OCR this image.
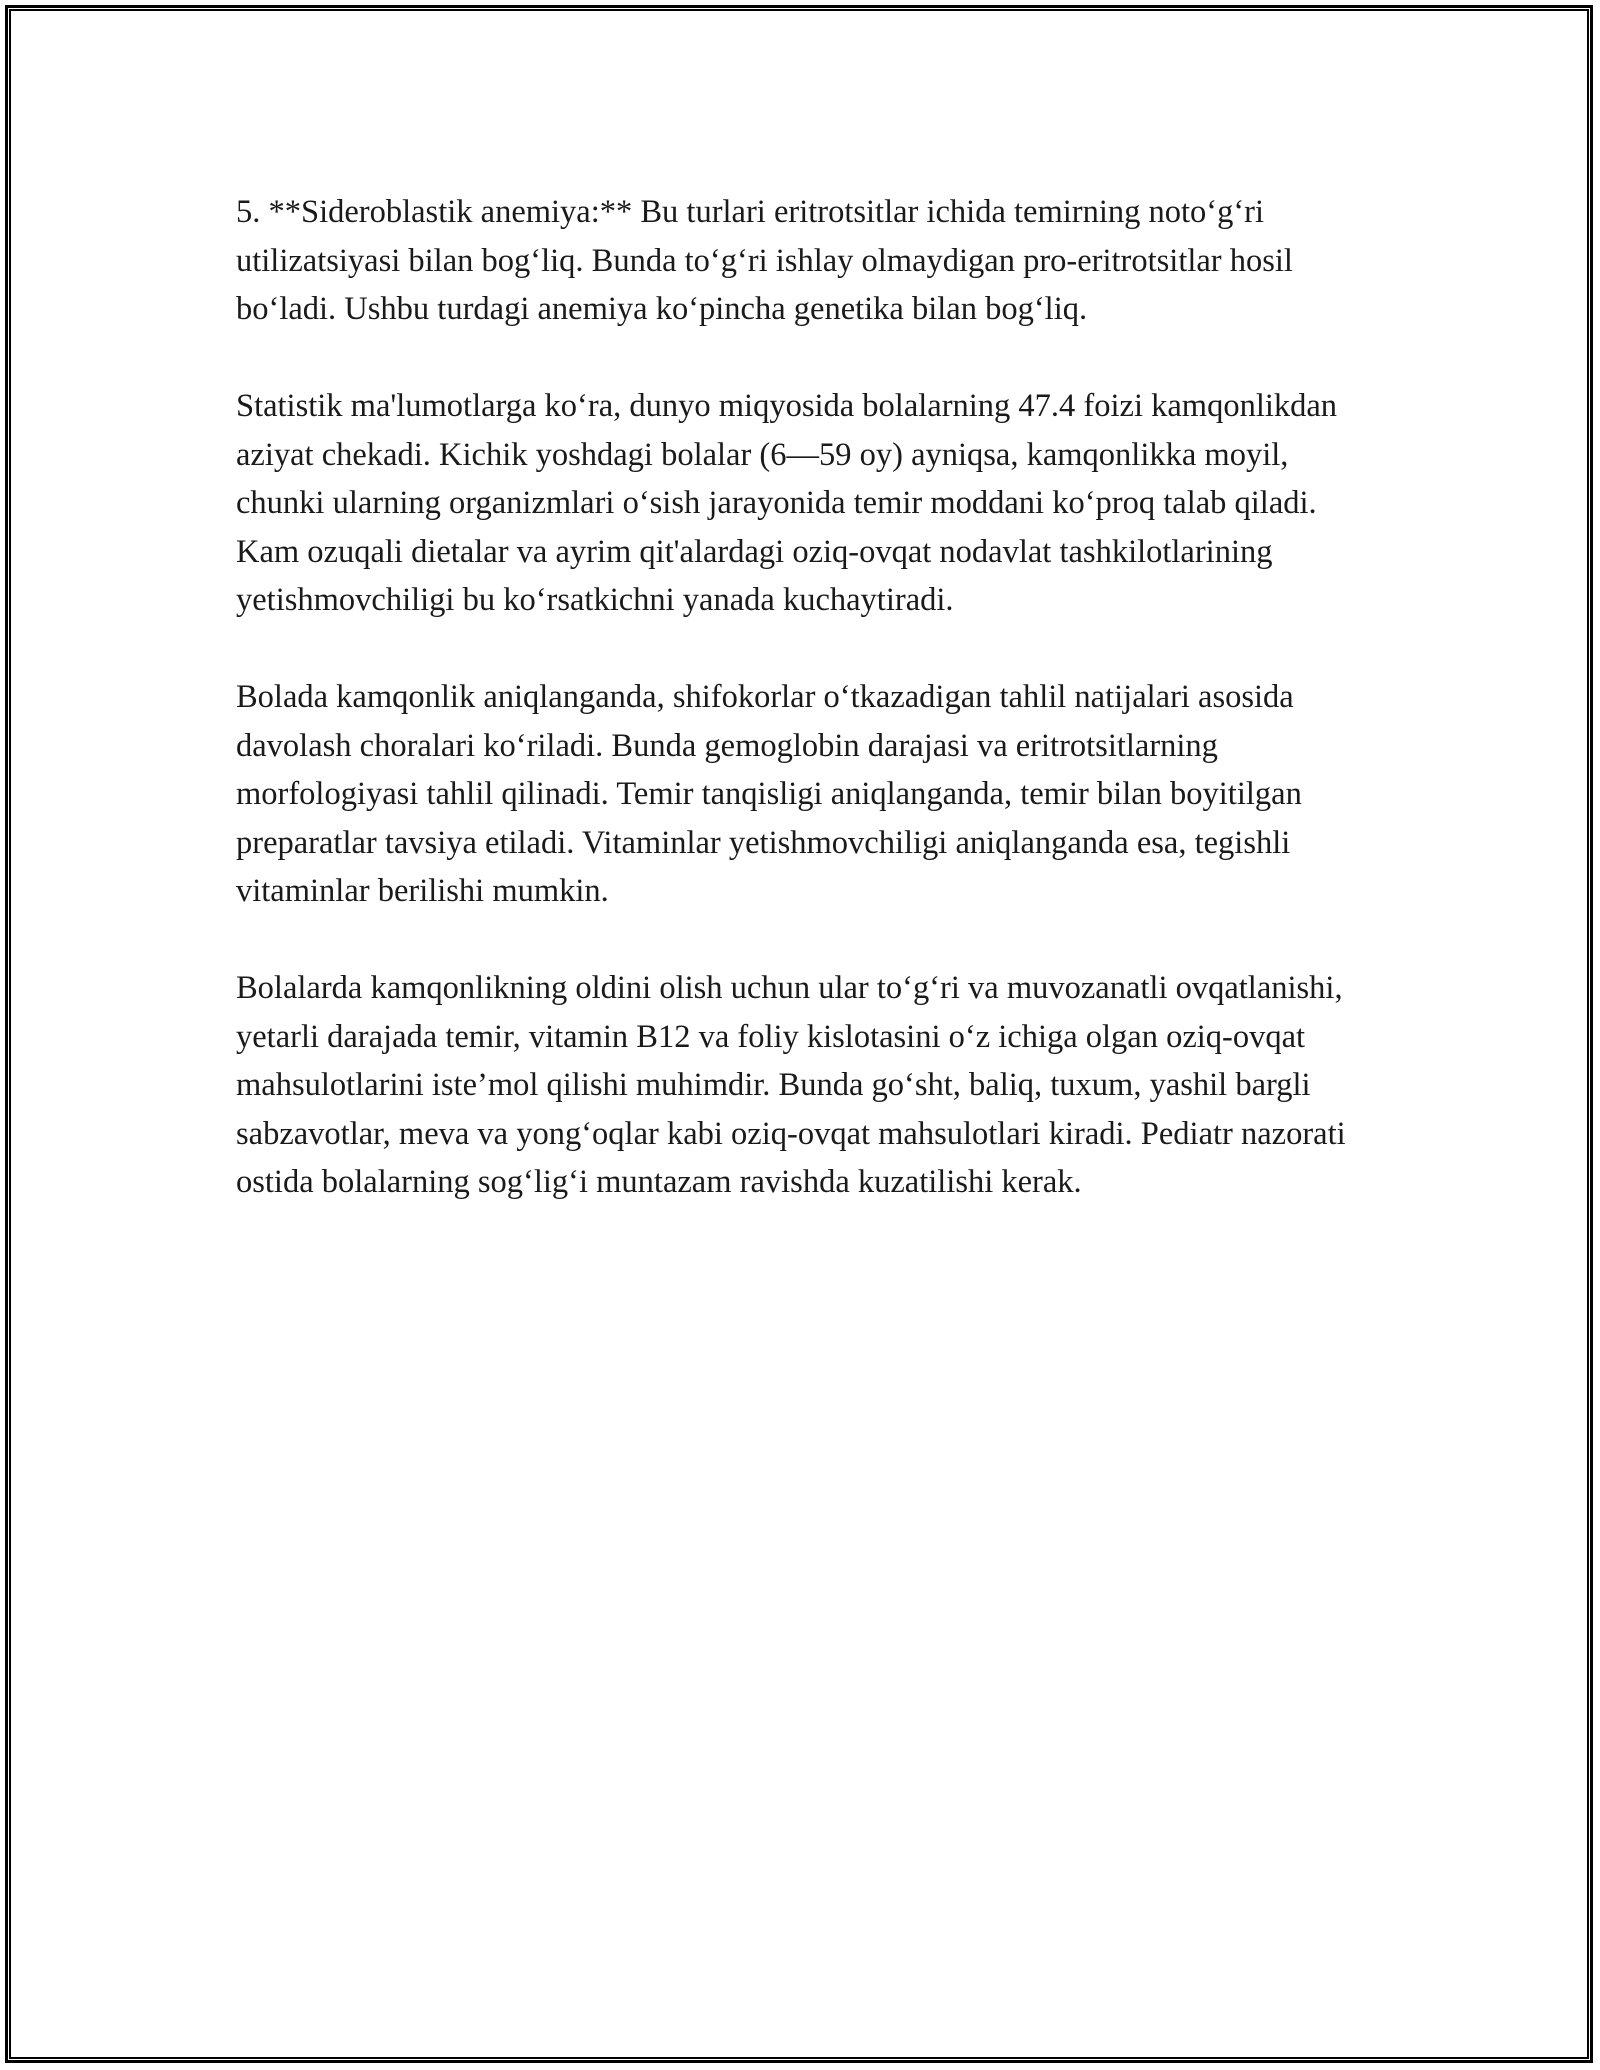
5. **Sideroblastik anemiya:** Bu turlari eritrotsitlar ichida temirning noto‘g‘ri utilizatsiyasi bilan bog‘liq. Bunda to‘g‘ri ishlay olmaydigan pro-eritrotsitlar hosil bo‘ladi. Ushbu turdagi anemiya ko‘pincha genetika bilan bog‘liq.

Statistik ma'lumotlarga ko‘ra, dunyo miqyosida bolalarning 47.4 foizi kamqonlikdan aziyat chekadi. Kichik yoshdagi bolalar (6—59 oy) ayniqsa, kamqonlikka moyil, chunki ularning organizmlari o‘sish jarayonida temir moddani ko‘proq talab qiladi. Kam ozuqali dietalar va ayrim qit'alardagi oziq-ovqat nodavlat tashkilotlarining yetishmovchiligi bu ko‘rsatkichni yanada kuchaytiradi.

Bolada kamqonlik aniqlanganda, shifokorlar o‘tkazadigan tahlil natijalari asosida davolash choralari ko‘riladi. Bunda gemoglobin darajasi va eritrotsitlarning morfologiyasi tahlil qilinadi. Temir tanqisligi aniqlanganda, temir bilan boyitilgan preparatlar tavsiya etiladi. Vitaminlar yetishmovchiligi aniqlanganda esa, tegishli vitaminlar berilishi mumkin.

Bolalarda kamqonlikning oldini olish uchun ular to‘g‘ri va muvozanatli ovqatlanishi, yetarli darajada temir, vitamin B12 va foliy kislotasini o‘z ichiga olgan oziq-ovqat mahsulotlarini iste’mol qilishi muhimdir. Bunda go‘sht, baliq, tuxum, yashil bargli sabzavotlar, meva va yong‘oqlar kabi oziq-ovqat mahsulotlari kiradi. Pediatr nazorati ostida bolalarning sog‘lig‘i muntazam ravishda kuzatilishi kerak.
